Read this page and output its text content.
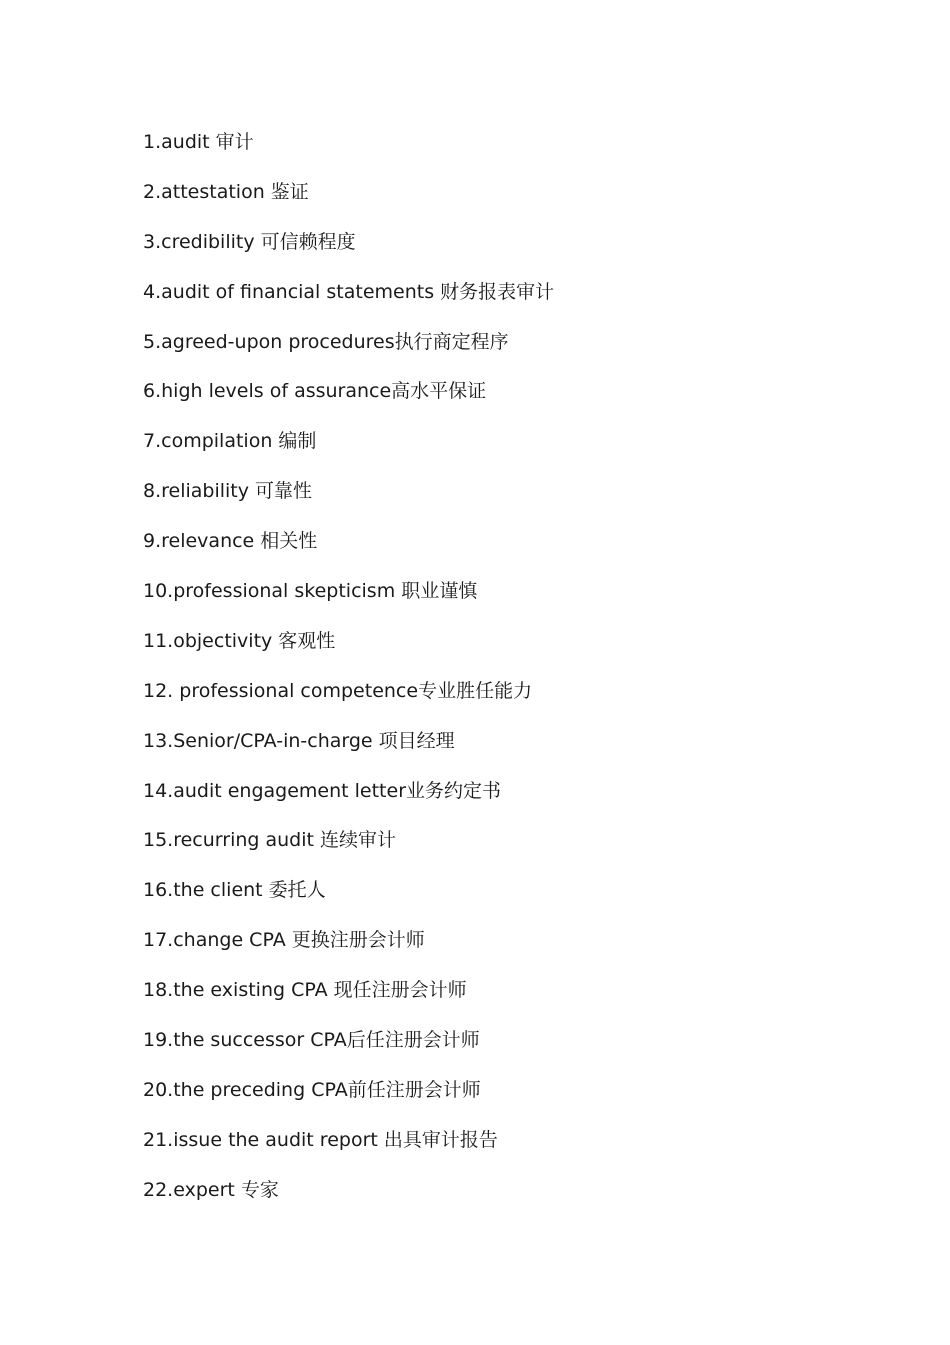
1.audit 审计
2.attestation 鉴证
3.credibility 可信赖程度
4.audit of financial statements 财务报表审计
5.agreed-upon procedures执行商定程序
6.high levels of assurance高水平保证
7.compilation 编制
8.reliability 可靠性
9.relevance 相关性
10.professional skepticism 职业谨慎
11.objectivity 客观性
12. professional competence专业胜任能力
13.Senior/CPA-in-charge 项目经理
14.audit engagement letter业务约定书
15.recurring audit 连续审计
16.the client 委托人
17.change CPA 更换注册会计师
18.the existing CPA 现任注册会计师
19.the successor CPA后任注册会计师
20.the preceding CPA前任注册会计师
21.issue the audit report 出具审计报告
22.expert 专家
